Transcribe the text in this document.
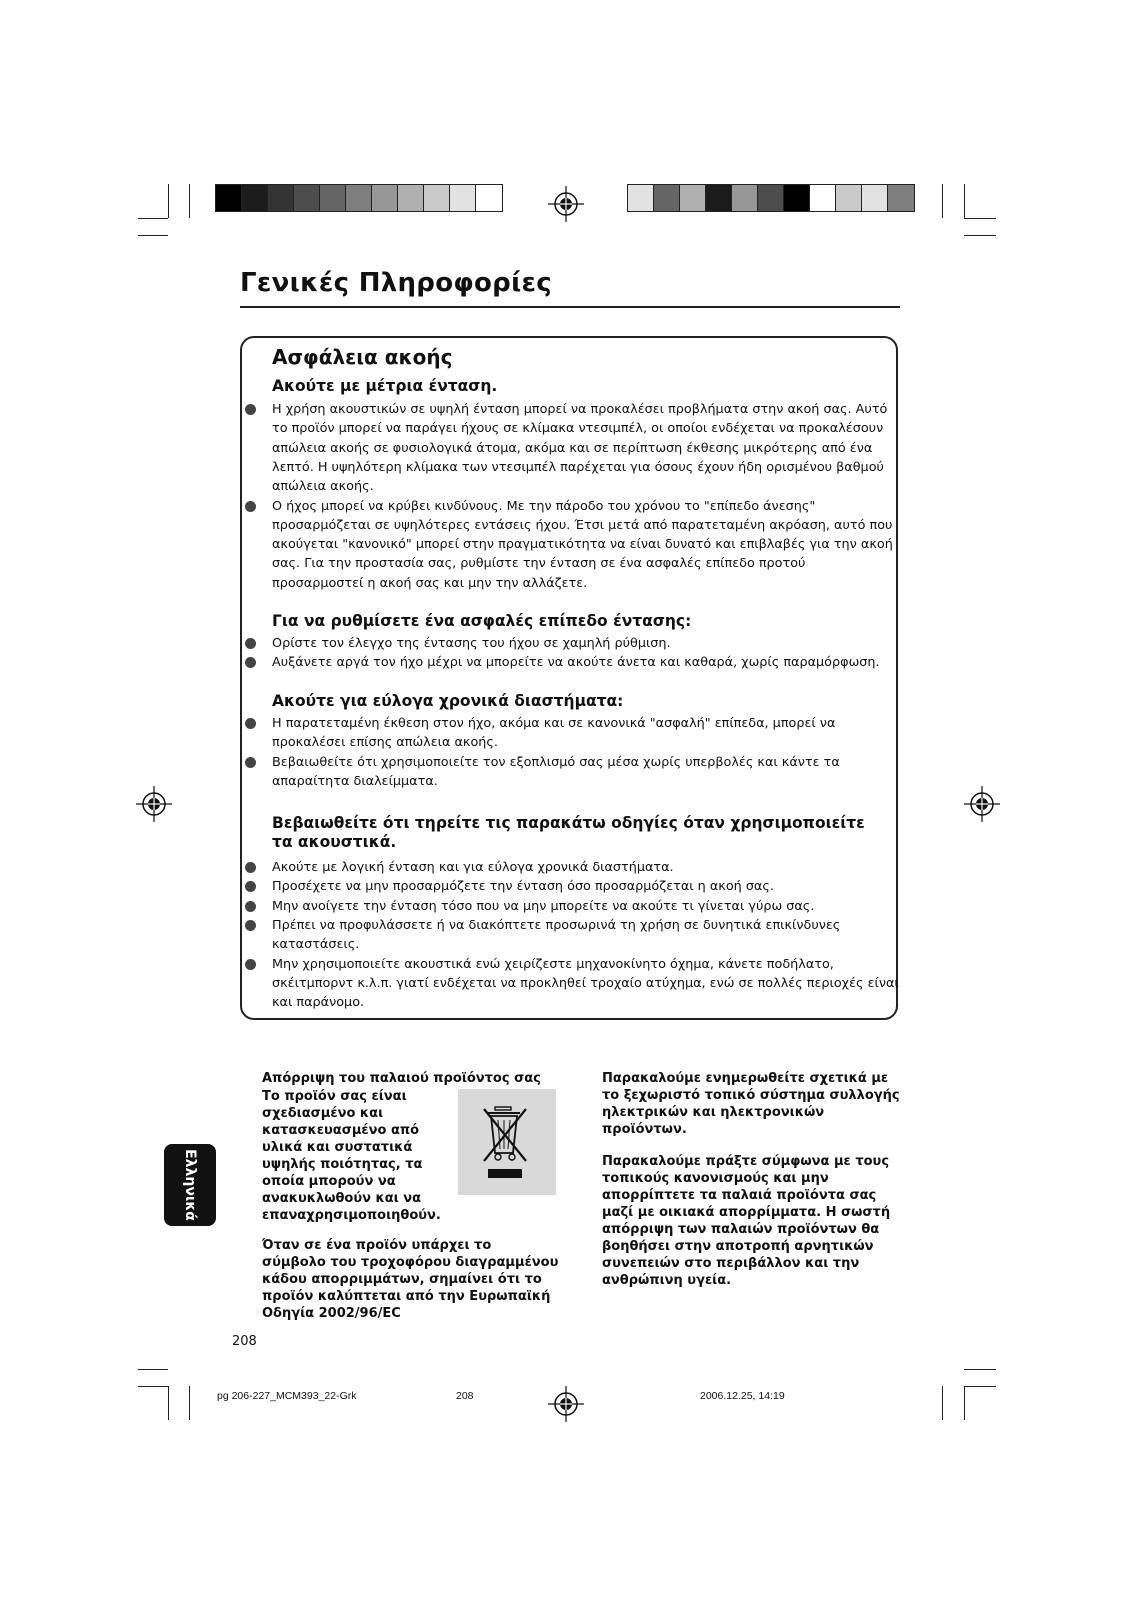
Γενικές Πληροφορίες
Ασφάλεια ακοής
Ακούτε με μέτρια ένταση.
Η χρήση ακουστικών σε υψηλή ένταση μπορεί να προκαλέσει προβλήματα στην ακοή σας. Αυτό
το προϊόν μπορεί να παράγει ήχους σε κλίμακα ντεσιμπέλ, οι οποίοι ενδέχεται να προκαλέσουν
απώλεια ακοής σε φυσιολογικά άτομα, ακόμα και σε περίπτωση έκθεσης μικρότερης από ένα
λεπτό. Η υψηλότερη κλίμακα των ντεσιμπέλ παρέχεται για όσους έχουν ήδη ορισμένου βαθμού
απώλεια ακοής.
Ο ήχος μπορεί να κρύβει κινδύνους. Με την πάροδο του χρόνου το "επίπεδο άνεσης"
προσαρμόζεται σε υψηλότερες εντάσεις ήχου. Έτσι μετά από παρατεταμένη ακρόαση, αυτό που
ακούγεται "κανονικό" μπορεί στην πραγματικότητα να είναι δυνατό και επιβλαβές για την ακοή
σας. Για την προστασία σας, ρυθμίστε την ένταση σε ένα ασφαλές επίπεδο προτού
προσαρμοστεί η ακοή σας και μην την αλλάζετε.
Για να ρυθμίσετε ένα ασφαλές επίπεδο έντασης:
Ορίστε τον έλεγχο της έντασης του ήχου σε χαμηλή ρύθμιση.
Αυξάνετε αργά τον ήχο μέχρι να μπορείτε να ακούτε άνετα και καθαρά, χωρίς παραμόρφωση.
Ακούτε για εύλογα χρονικά διαστήματα:
Η παρατεταμένη έκθεση στον ήχο, ακόμα και σε κανονικά "ασφαλή" επίπεδα, μπορεί να
προκαλέσει επίσης απώλεια ακοής.
Βεβαιωθείτε ότι χρησιμοποιείτε τον εξοπλισμό σας μέσα χωρίς υπερβολές και κάντε τα
απαραίτητα διαλείμματα.
Βεβαιωθείτε ότι τηρείτε τις παρακάτω οδηγίες όταν χρησιμοποιείτε
τα ακουστικά.
Ακούτε με λογική ένταση και για εύλογα χρονικά διαστήματα.
Προσέχετε να μην προσαρμόζετε την ένταση όσο προσαρμόζεται η ακοή σας.
Μην ανοίγετε την ένταση τόσο που να μην μπορείτε να ακούτε τι γίνεται γύρω σας.
Πρέπει να προφυλάσσετε ή να διακόπτετε προσωρινά τη χρήση σε δυνητικά επικίνδυνες
καταστάσεις.
Μην χρησιμοποιείτε ακουστικά ενώ χειρίζεστε μηχανοκίνητο όχημα, κάνετε ποδήλατο,
σκέιτμπορντ κ.λ.π. γιατί ενδέχεται να προκληθεί τροχαίο ατύχημα, ενώ σε πολλές περιοχές είναι
και παράνομο.
Απόρριψη του παλαιού προϊόντος σας
Το προϊόν σας είναι
σχεδιασμένο και
κατασκευασμένο από
υλικά και συστατικά
υψηλής ποιότητας, τα
οποία μπορούν να
ανακυκλωθούν και να
επαναχρησιμοποιηθούν.
Όταν σε ένα προϊόν υπάρχει το
σύμβολο του τροχοφόρου διαγραμμένου
κάδου απορριμμάτων, σημαίνει ότι το
προϊόν καλύπτεται από την Ευρωπαϊκή
Οδηγία 2002/96/EC
Παρακαλούμε ενημερωθείτε σχετικά με
το ξεχωριστό τοπικό σύστημα συλλογής
ηλεκτρικών και ηλεκτρονικών
προϊόντων.
Παρακαλούμε πράξτε σύμφωνα με τους
τοπικούς κανονισμούς και μην
απορρίπτετε τα παλαιά προϊόντα σας
μαζί με οικιακά απορρίμματα. Η σωστή
απόρριψη των παλαιών προϊόντων θα
βοηθήσει στην αποτροπή αρνητικών
συνεπειών στο περιβάλλον και την
ανθρώπινη υγεία.
Ελληνικά
208
pg 206-227_MCM393_22-Grk	208	2006.12.25, 14:19
